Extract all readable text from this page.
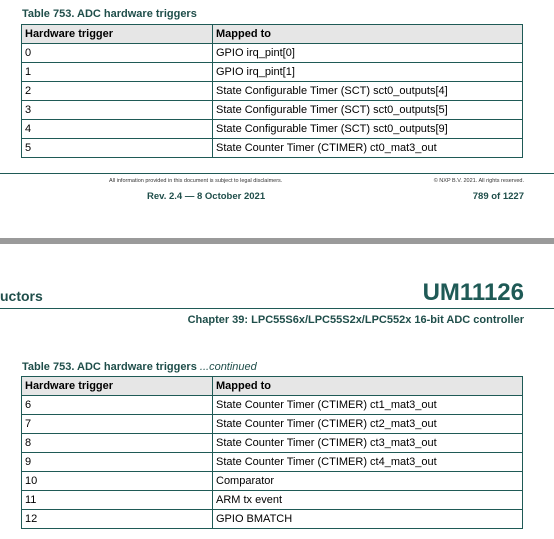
Table 753. ADC hardware triggers
Hardware trigger	Mapped to
0	GPIO irq_pint[0]
1	GPIO irq_pint[1]
2	State Configurable Timer (SCT) sct0_outputs[4]
3	State Configurable Timer (SCT) sct0_outputs[5]
4	State Configurable Timer (SCT) sct0_outputs[9]
5	State Counter Timer (CTIMER) ct0_mat3_out
All information provided in this document is subject to legal disclaimers.	© NXP B.V. 2021. All rights reserved.
Rev. 2.4 — 8 October 2021	789 of 1227
uctors	UM11126
Chapter 39: LPC55S6x/LPC55S2x/LPC552x 16-bit ADC controller
Table 753. ADC hardware triggers ...continued
Hardware trigger	Mapped to
6	State Counter Timer (CTIMER) ct1_mat3_out
7	State Counter Timer (CTIMER) ct2_mat3_out
8	State Counter Timer (CTIMER) ct3_mat3_out
9	State Counter Timer (CTIMER) ct4_mat3_out
10	Comparator
11	ARM tx event
12	GPIO BMATCH
